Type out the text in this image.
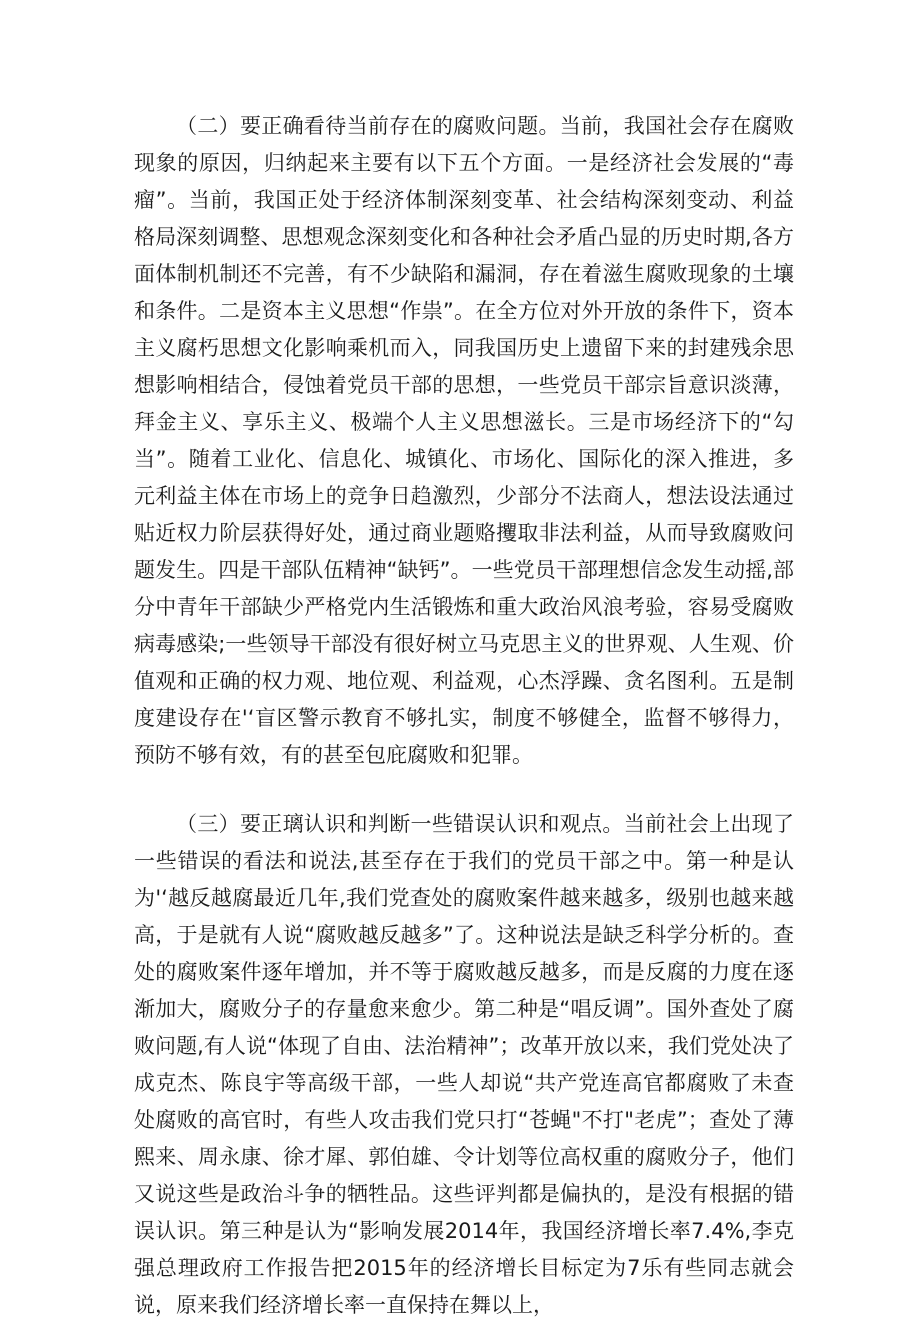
（二）要正确看待当前存在的腐败问题。当前，我国社会存在腐败现象的原因，归纳起来主要有以下五个方面。一是经济社会发展的“毒瘤”。当前，我国正处于经济体制深刻变革、社会结构深刻变动、利益格局深刻调整、思想观念深刻变化和各种社会矛盾凸显的历史时期,各方面体制机制还不完善，有不少缺陷和漏洞，存在着滋生腐败现象的土壤和条件。二是资本主义思想“作祟”。在全方位对外开放的条件下，资本主义腐朽思想文化影响乘机而入，同我国历史上遗留下来的封建残余思想影响相结合，侵蚀着党员干部的思想，一些党员干部宗旨意识淡薄，拜金主义、享乐主义、极端个人主义思想滋长。三是市场经济下的“勾当”。随着工业化、信息化、城镇化、市场化、国际化的深入推进，多元利益主体在市场上的竞争日趋激烈，少部分不法商人，想法设法通过贴近权力阶层获得好处，通过商业题赂攫取非法利益，从而导致腐败问题发生。四是干部队伍精神“缺钙”。一些党员干部理想信念发生动摇,部分中青年干部缺少严格党内生活锻炼和重大政治风浪考验，容易受腐败病毒感染;一些领导干部没有很好树立马克思主义的世界观、人生观、价值观和正确的权力观、地位观、利益观，心杰浮躁、贪名图利。五是制度建设存在'‘盲区警示教育不够扎实，制度不够健全，监督不够得力，预防不够有效，有的甚至包庇腐败和犯罪。

（三）要正璃认识和判断一些错误认识和观点。当前社会上出现了一些错误的看法和说法,甚至存在于我们的党员干部之中。第一种是认为'‘越反越腐最近几年,我们党查处的腐败案件越来越多，级别也越来越高，于是就有人说“腐败越反越多”了。这种说法是缺乏科学分析的。查处的腐败案件逐年增加，并不等于腐败越反越多，而是反腐的力度在逐渐加大，腐败分子的存量愈来愈少。第二种是“唱反调”。国外查处了腐败问题,有人说“体现了自由、法治精神”；改革开放以来，我们党处决了成克杰、陈良宇等高级干部，一些人却说“共产党连高官都腐败了未查处腐败的高官时，有些人攻击我们党只打“苍蝇"不打"老虎”；查处了薄熙来、周永康、徐才犀、郭伯雄、令计划等位高权重的腐败分子，他们又说这些是政治斗争的牺牲品。这些评判都是偏执的，是没有根据的错误认识。第三种是认为“影响发展2014年，我国经济增长率7.4%,李克强总理政府工作报告把2015年的经济增长目标定为7乐有些同志就会说，原来我们经济增长率一直保持在舞以上，
